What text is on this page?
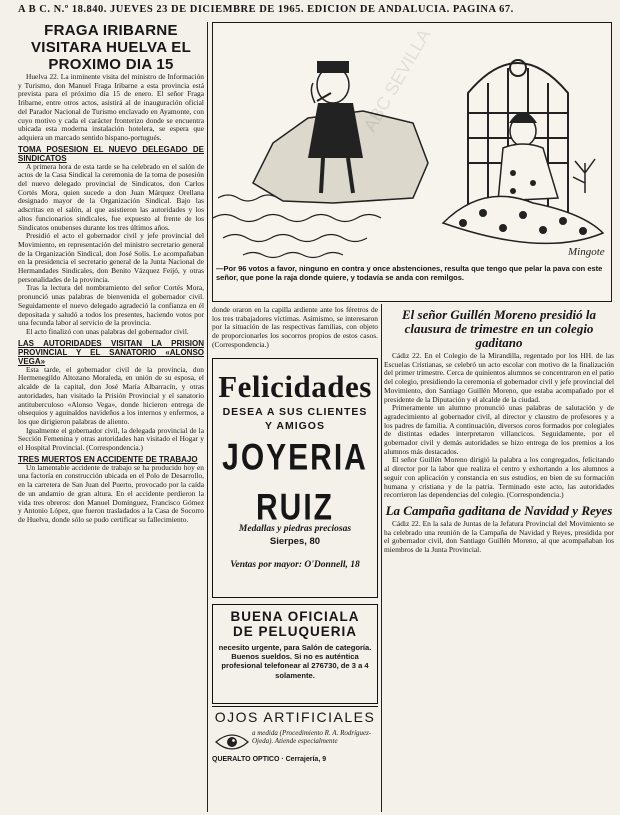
A B C. N.º 18.840. JUEVES 23 DE DICIEMBRE DE 1965. EDICION DE ANDALUCIA. PAGINA 67.
FRAGA IRIBARNE VISITARA HUELVA EL PROXIMO DIA 15

Huelva 22. La inminente visita del ministro de Información y Turismo, don Manuel Fraga Iribarne a esta provincia está prevista para el próximo día 15 de enero. El señor Fraga Iribarne, entre otros actos, asistirá al de inauguración oficial del Parador Nacional de Turismo enclavado en Ayamonte, con cuyo motivo y cada el carácter fronterizo donde se encuentra ubicada esta moderna instalación hotelera, se espera que adquiera un marcado sentido hispano-portugués.

TOMA POSESION EL NUEVO DELEGADO DE SINDICATOS

A primera hora de esta tarde se ha celebrado en el salón de actos de la Casa Sindical la ceremonia de la toma de posesión del nuevo delegado provincial de Sindicatos, don Carlos Cortés Mora, quien sucede a don Juan Márquez Orellana designado mayor de la Organización Sindical. Bajo las adscritas en el salón, al que asistieron las autoridades y los altos funcionarios sindicales, fue expuesto al frente de los Sindicatos onubenses durante los tres últimos años.

Presidió el acto el gobernador civil y jefe provincial del Movimiento, en representación del ministro secretario general de la Organización Sindical, don José Solís. Le acompañaban en la presidencia el secretario general de la Junta Nacional de Hermandades Sindicales, don Benito Vázquez Feijó, y otras personalidades de la provincia.

Tras la lectura del nombramiento del señor Cortés Mora, pronunció unas palabras de bienvenida el gobernador civil. Seguidamente el nuevo delegado agradeció la confianza en él depositada y saludó a todos los presentes, haciendo votos por una fecunda labor al servicio de la provincia.

El acto finalizó con unas palabras del gobernador civil.

LAS AUTORIDADES VISITAN LA PRISION PROVINCIAL Y EL SANATORIO «ALONSO VEGA»

Esta tarde, el gobernador civil de la provincia, don Hermenegildo Altozano Moraleda, en unión de su esposa, el alcalde de la capital, don José María Albarracín, y otras autoridades, han visitado la Prisión Provincial y el sanatorio antituberculoso «Alonso Vega», donde hicieron entrega de obsequios y aguinaldos navideños a los internos y enfermos, a los que dirigieron palabras de aliento.

Igualmente el gobernador civil, la delegada provincial de la Sección Femenina y otras autoridades han visitado el Hogar y el Hospital Provincial. (Correspondencia.)

TRES MUERTOS EN ACCIDENTE DE TRABAJO

Un lamentable accidente de trabajo se ha producido hoy en una factoría en construcción ubicada en el Polo de Desarrollo, en la carretera de San Juan del Puerto, provocado por la caída de un andamio de gran altura. En el accidente perdieron la vida tres obreros: don Manuel Domínguez, Francisco Gómez y Antonio López, que fueron trasladados a la Casa de Socorro de Huelva, donde sólo se pudo certificar su fallecimiento.

Mingote
—Por 96 votos a favor, ninguno en contra y once abstenciones, resulta que tengo que pelar la pava con este señor, que pone la raja donde quiere, y todavía se anda con remilgos.
donde oraron en la capilla ardiente ante los féretros de los tres trabajadores víctimas. Asimismo, se interesaron por la situación de las respectivas familias, con objeto de proporcionarles los socorros propios de estos casos. (Correspondencia.)
Felicidades
DESEA A SUS CLIENTES
Y AMIGOS
JOYERIA RUIZ
Medallas y piedras preciosas
Sierpes, 80
Ventas por mayor: O'Donnell, 18
BUENA OFICIALA
DE PELUQUERIA
necesito urgente, para Salón de categoría. Buenos sueldos. Si no es auténtica profesional telefonear al 276730, de 3 a 4 solamente.
OJOS ARTIFICIALES
a medida (Procedimiento R. A. Rodríguez-Ojeda). Atiende especialmente
QUERALTO OPTICO · Cerrajería, 9
El señor Guillén Moreno presidió la clausura de trimestre en un colegio gaditano

Cádiz 22. En el Colegio de la Mirandilla, regentado por los HH. de las Escuelas Cristianas, se celebró un acto escolar con motivo de la finalización del primer trimestre. Cerca de quinientos alumnos se concentraron en el patio del colegio, presidiendo la ceremonia el gobernador civil y jefe provincial del Movimiento, don Santiago Guillén Moreno, que estaba acompañado por el presidente de la Diputación y el alcalde de la ciudad.

Primeramente un alumno pronunció unas palabras de salutación y de agradecimiento al gobernador civil, al director y claustro de profesores y a los padres de familia. A continuación, diversos coros formados por colegiales de distintas edades interpretaron villancicos. Seguidamente, por el gobernador civil y demás autoridades se hizo entrega de los premios a los alumnos más destacados.

El señor Guillén Moreno dirigió la palabra a los congregados, felicitando al director por la labor que realiza el centro y exhortando a los alumnos a seguir con aplicación y constancia en sus estudios, en bien de su formación humana y cristiana y de la patria. Terminado este acto, las autoridades recorrieron las dependencias del colegio. (Correspondencia.)

La Campaña gaditana de Navidad y Reyes

Cádiz 22. En la sala de Juntas de la Jefatura Provincial del Movimiento se ha celebrado una reunión de la Campaña de Navidad y Reyes, presidida por el gobernador civil, don Santiago Guillén Moreno, al que acompañaban los miembros de la Junta Provincial.
